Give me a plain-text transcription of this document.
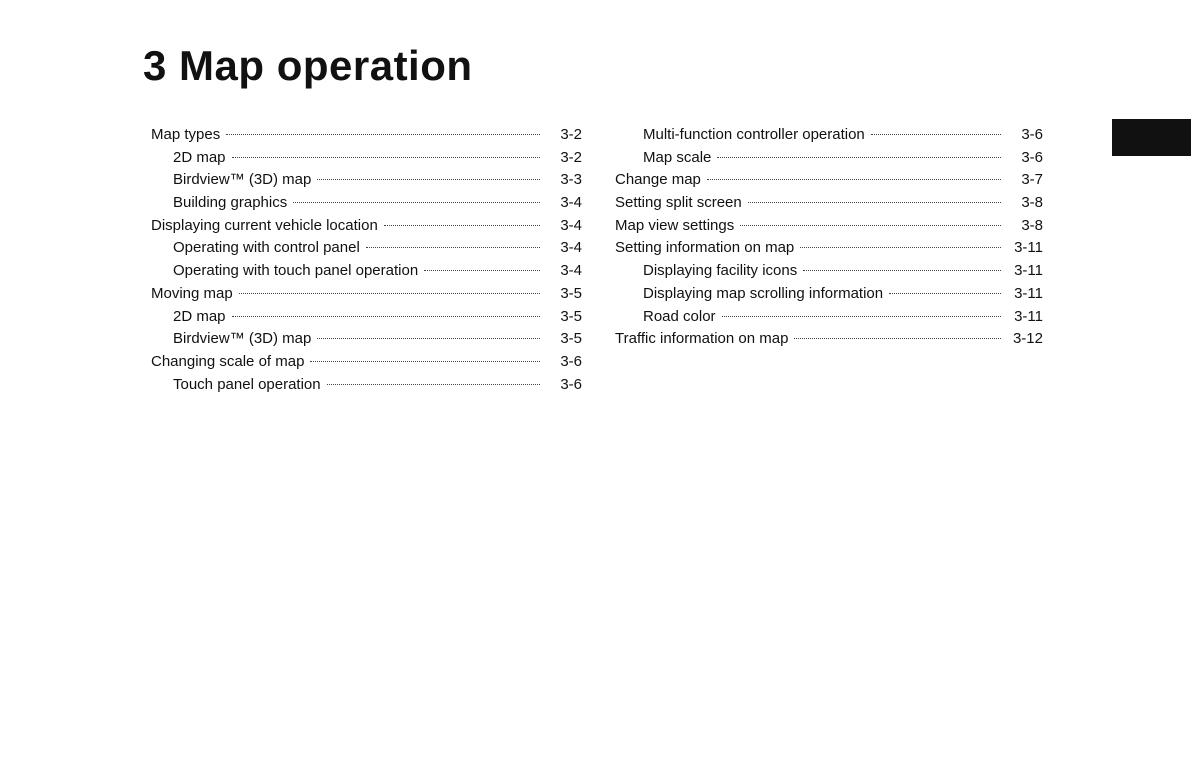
3 Map operation
Map types	3-2
2D map	3-2
Birdview™ (3D) map	3-3
Building graphics	3-4
Displaying current vehicle location	3-4
Operating with control panel	3-4
Operating with touch panel operation	3-4
Moving map	3-5
2D map	3-5
Birdview™ (3D) map	3-5
Changing scale of map	3-6
Touch panel operation	3-6
Multi-function controller operation	3-6
Map scale	3-6
Change map	3-7
Setting split screen	3-8
Map view settings	3-8
Setting information on map	3-11
Displaying facility icons	3-11
Displaying map scrolling information	3-11
Road color	3-11
Traffic information on map	3-12
